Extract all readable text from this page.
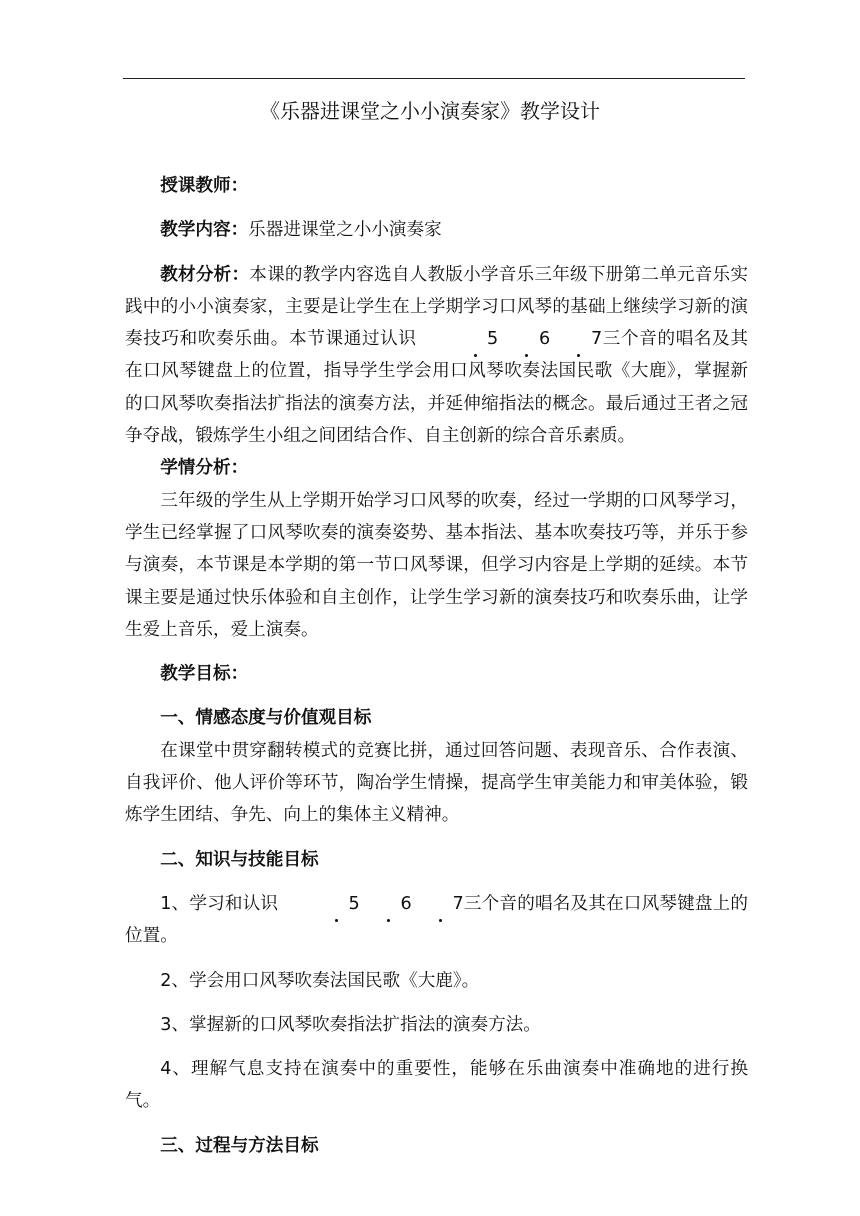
《乐器进课堂之小小演奏家》教学设计

授课教师：

教学内容：乐器进课堂之小小演奏家

教材分析：本课的教学内容选自人教版小学音乐三年级下册第二单元音乐实践中的小小演奏家，主要是让学生在上学期学习口风琴的基础上继续学习新的演奏技巧和吹奏乐曲。本节课通过认识	5 6 7
三个音的唱名及其在口风琴键盘上的位置，指导学生学会用口风琴吹奏法国民歌《大鹿》，掌握新的口风琴吹奏指法扩指法的演奏方法，并延伸缩指法的概念。最后通过王者之冠争夺战，锻炼学生小组之间团结合作、自主创新的综合音乐素质。

学情分析：

三年级的学生从上学期开始学习口风琴的吹奏，经过一学期的口风琴学习，学生已经掌握了口风琴吹奏的演奏姿势、基本指法、基本吹奏技巧等，并乐于参与演奏，本节课是本学期的第一节口风琴课，但学习内容是上学期的延续。本节课主要是通过快乐体验和自主创作，让学生学习新的演奏技巧和吹奏乐曲，让学生爱上音乐，爱上演奏。

教学目标：

一、情感态度与价值观目标

在课堂中贯穿翻转模式的竞赛比拼，通过回答问题、表现音乐、合作表演、自我评价、他人评价等环节，陶冶学生情操，提高学生审美能力和审美体验，锻炼学生团结、争先、向上的集体主义精神。

二、知识与技能目标

1、学习和认识	5 6 7
三个音的唱名及其在口风琴键盘上的位置。

2、学会用口风琴吹奏法国民歌《大鹿》。

3、掌握新的口风琴吹奏指法扩指法的演奏方法。

4、理解气息支持在演奏中的重要性，能够在乐曲演奏中准确地的进行换气。

三、过程与方法目标
